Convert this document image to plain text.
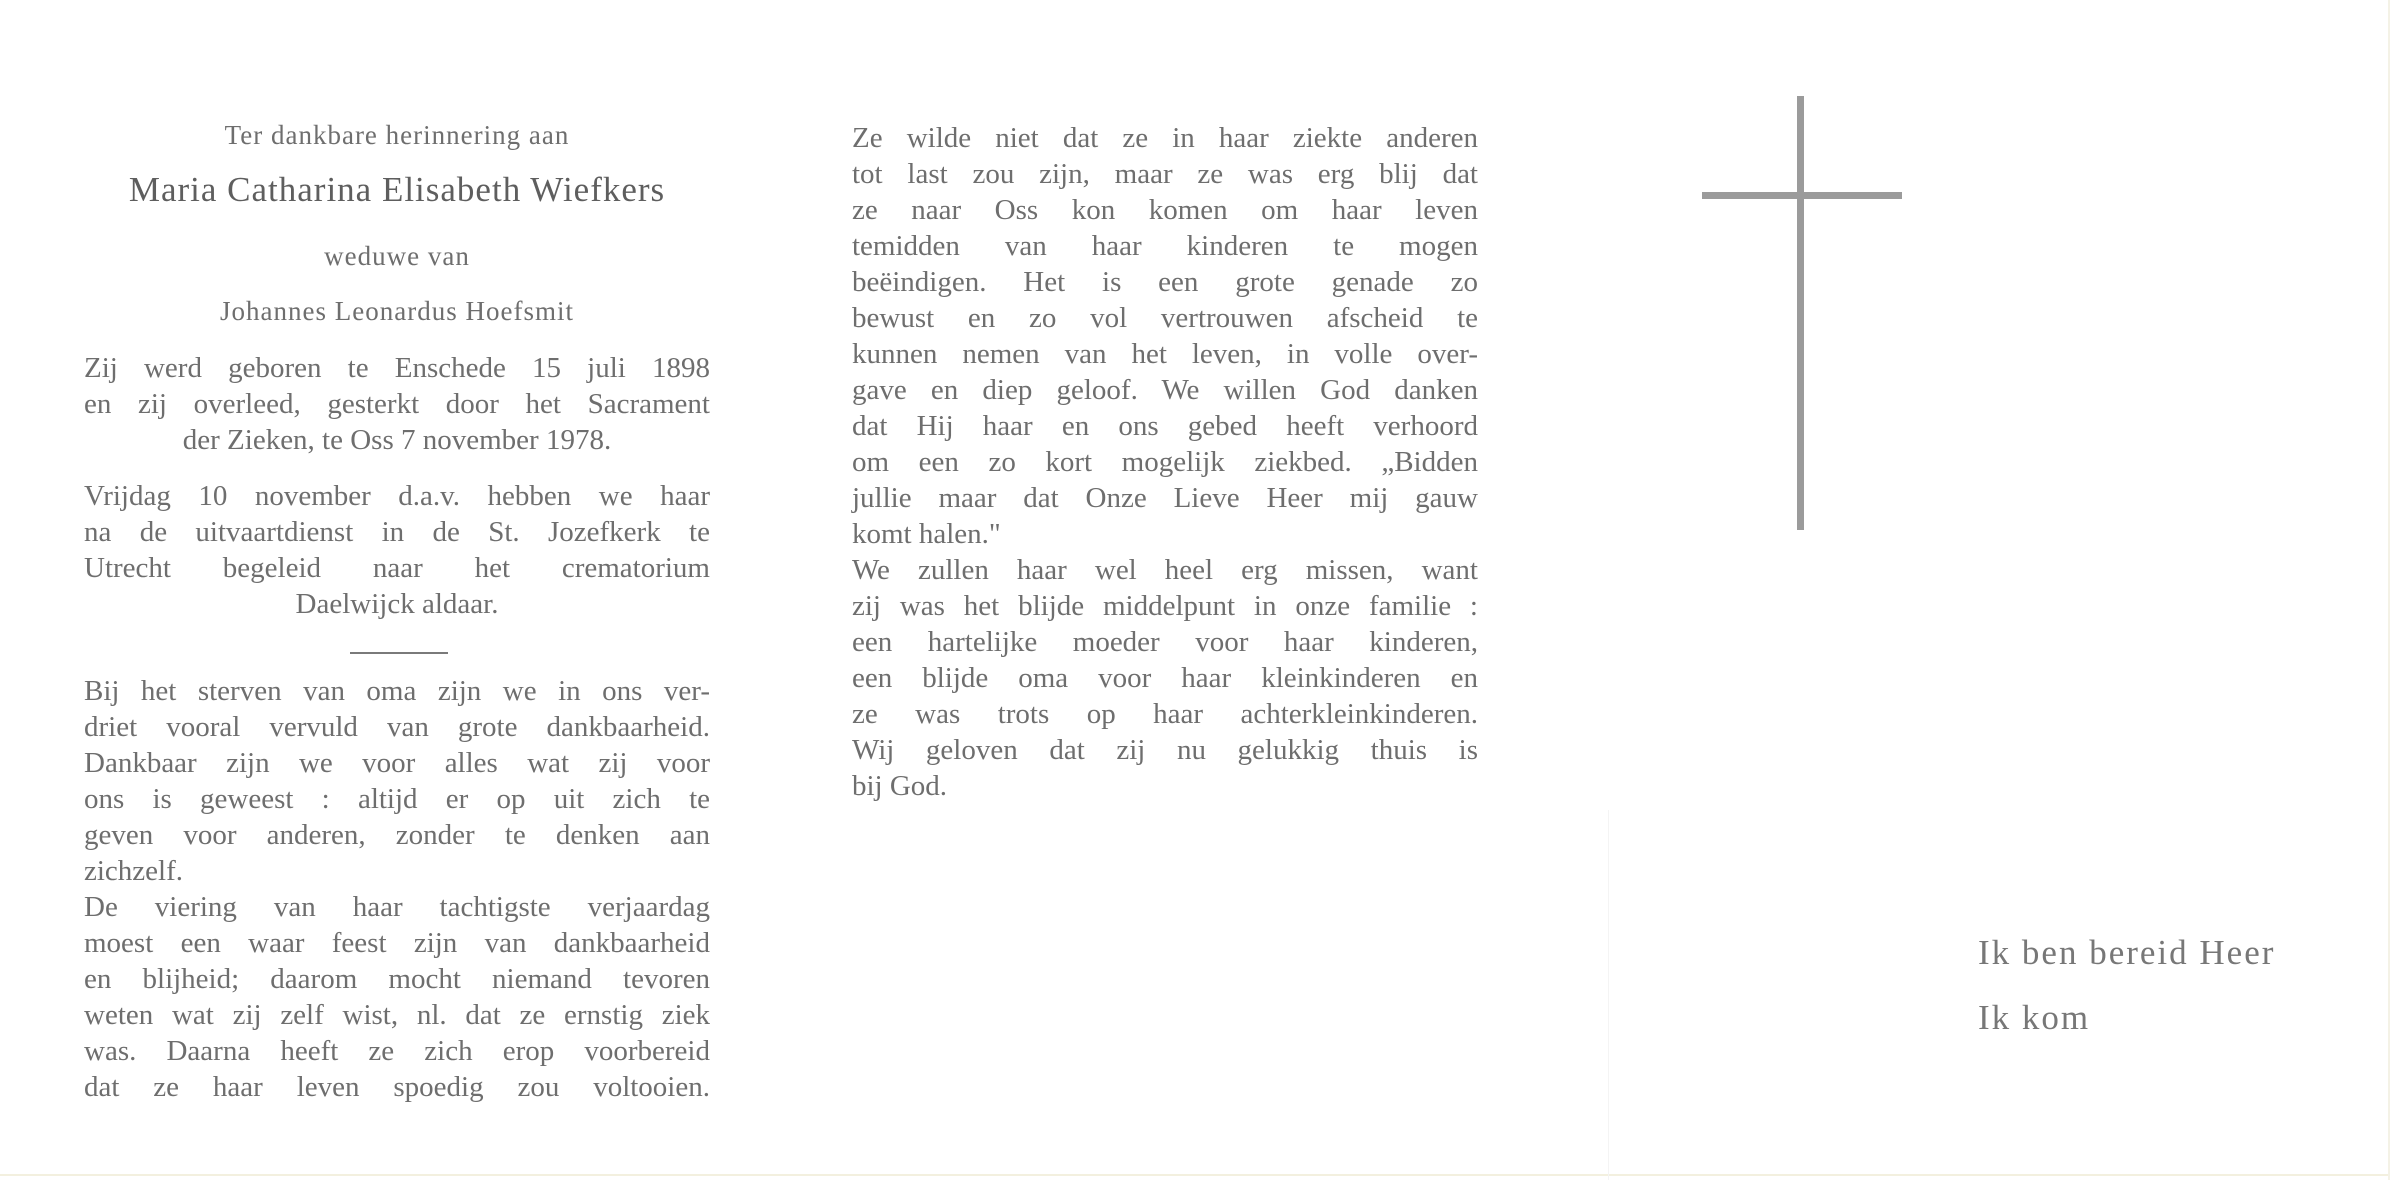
Ter dankbare herinnering aan
Maria Catharina Elisabeth Wiefkers
weduwe van
Johannes Leonardus Hoefsmit
Zij werd geboren te Enschede 15 juli 1898
en zij overleed, gesterkt door het Sacrament
der Zieken, te Oss 7 november 1978.
Vrijdag 10 november d.a.v. hebben we haar
na de uitvaartdienst in de St. Jozefkerk te
Utrecht begeleid naar het crematorium
Daelwijck aldaar.
Bij het sterven van oma zijn we in ons ver-
driet vooral vervuld van grote dankbaarheid.
Dankbaar zijn we voor alles wat zij voor
ons is geweest : altijd er op uit zich te
geven voor anderen, zonder te denken aan
zichzelf.
De viering van haar tachtigste verjaardag
moest een waar feest zijn van dankbaarheid
en blijheid; daarom mocht niemand tevoren
weten wat zij zelf wist, nl. dat ze ernstig ziek
was. Daarna heeft ze zich erop voorbereid
dat ze haar leven spoedig zou voltooien.
Ze wilde niet dat ze in haar ziekte anderen
tot last zou zijn, maar ze was erg blij dat
ze naar Oss kon komen om haar leven
temidden van haar kinderen te mogen
beëindigen. Het is een grote genade zo
bewust en zo vol vertrouwen afscheid te
kunnen nemen van het leven, in volle over-
gave en diep geloof. We willen God danken
dat Hij haar en ons gebed heeft verhoord
om een zo kort mogelijk ziekbed. „Bidden
jullie maar dat Onze Lieve Heer mij gauw
komt halen."
We zullen haar wel heel erg missen, want
zij was het blijde middelpunt in onze familie :
een hartelijke moeder voor haar kinderen,
een blijde oma voor haar kleinkinderen en
ze was trots op haar achterkleinkinderen.
Wij geloven dat zij nu gelukkig thuis is
bij God.
Ik ben bereid Heer
Ik kom
